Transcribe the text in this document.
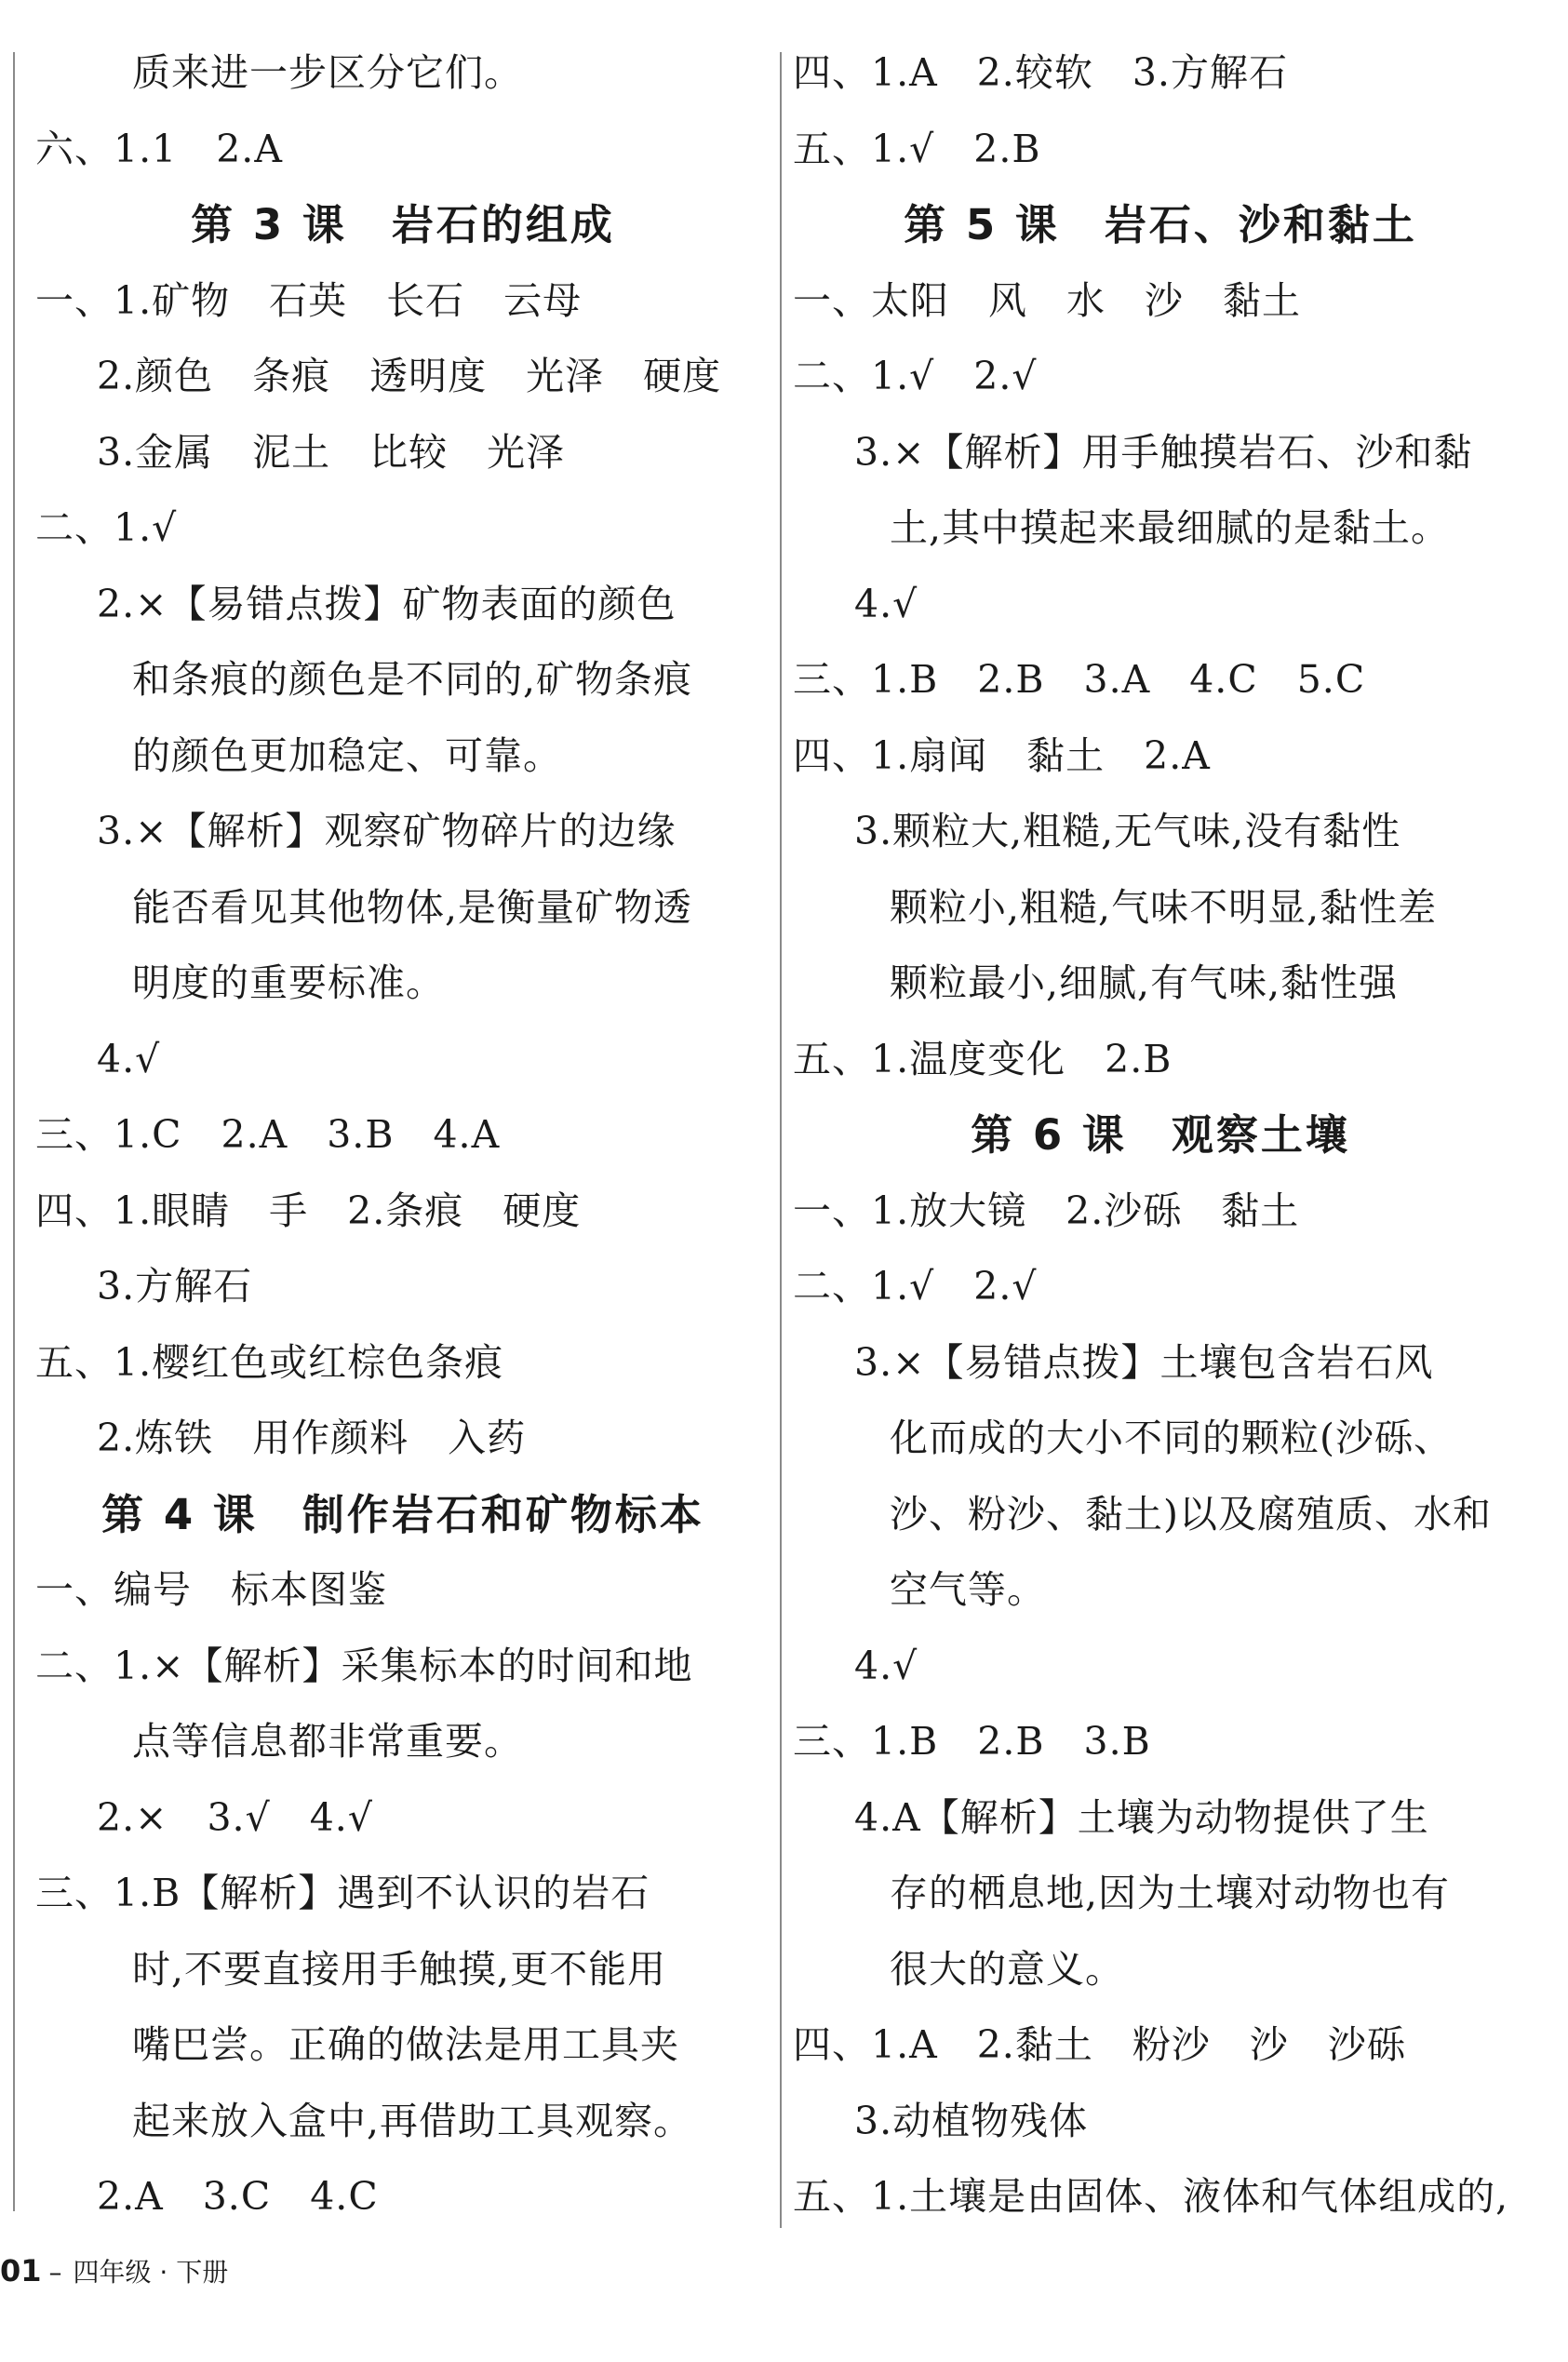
质来进一步区分它们。
六、1.1　2.A
第 3 课　岩石的组成
一、1.矿物　石英　长石　云母
2.颜色　条痕　透明度　光泽　硬度
3.金属　泥土　比较　光泽
二、1.√
2.×【易错点拨】矿物表面的颜色
和条痕的颜色是不同的,矿物条痕
的颜色更加稳定、可靠。
3.×【解析】观察矿物碎片的边缘
能否看见其他物体,是衡量矿物透
明度的重要标准。
4.√
三、1.C　2.A　3.B　4.A
四、1.眼睛　手　2.条痕　硬度
3.方解石
五、1.樱红色或红棕色条痕
2.炼铁　用作颜料　入药
第 4 课　制作岩石和矿物标本
一、编号　标本图鉴
二、1.×【解析】采集标本的时间和地
点等信息都非常重要。
2.×　3.√　4.√
三、1.B【解析】遇到不认识的岩石
时,不要直接用手触摸,更不能用
嘴巴尝。正确的做法是用工具夹
起来放入盒中,再借助工具观察。
2.A　3.C　4.C
四、1.A　2.较软　3.方解石
五、1.√　2.B
第 5 课　岩石、沙和黏土
一、太阳　风　水　沙　黏土
二、1.√　2.√
3.×【解析】用手触摸岩石、沙和黏
土,其中摸起来最细腻的是黏土。
4.√
三、1.B　2.B　3.A　4.C　5.C
四、1.扇闻　黏土　2.A
3.颗粒大,粗糙,无气味,没有黏性
颗粒小,粗糙,气味不明显,黏性差
颗粒最小,细腻,有气味,黏性强
五、1.温度变化　2.B
第 6 课　观察土壤
一、1.放大镜　2.沙砾　黏土
二、1.√　2.√
3.×【易错点拨】土壤包含岩石风
化而成的大小不同的颗粒(沙砾、
沙、粉沙、黏土)以及腐殖质、水和
空气等。
4.√
三、1.B　2.B　3.B
4.A【解析】土壤为动物提供了生
存的栖息地,因为土壤对动物也有
很大的意义。
四、1.A　2.黏土　粉沙　沙　沙砾
3.动植物残体
五、1.土壤是由固体、液体和气体组成的,
01 – 四年级 · 下册
